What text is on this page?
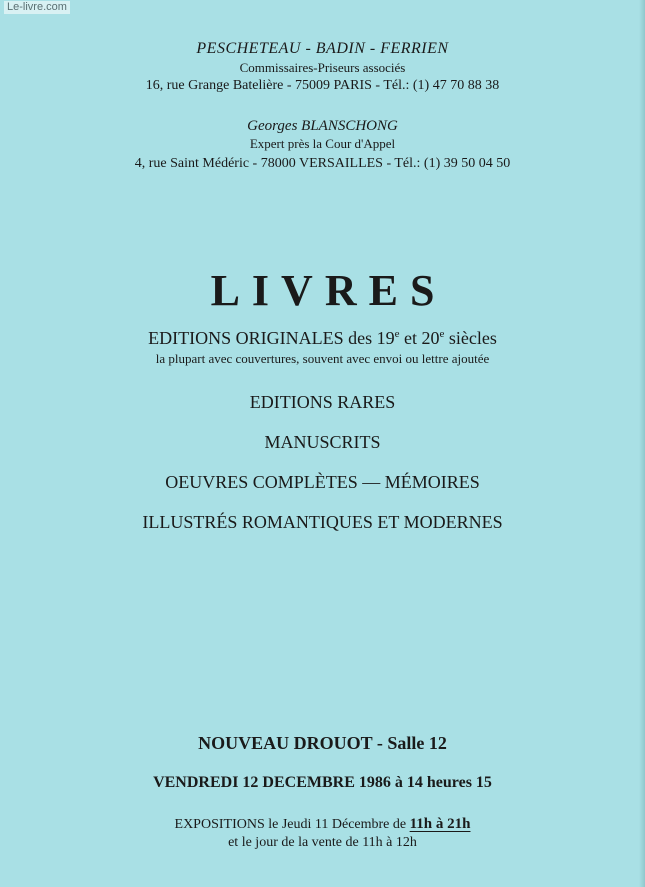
PESCHETEAU - BADIN - FERRIEN
Commissaires-Priseurs associés
16, rue Grange Batelière - 75009 PARIS - Tél.: (1) 47 70 88 38
Georges BLANSCHONG
Expert près la Cour d'Appel
4, rue Saint Médéric - 78000 VERSAILLES - Tél.: (1) 39 50 04 50
LIVRES
EDITIONS ORIGINALES des 19e et 20e siècles
la plupart avec couvertures, souvent avec envoi ou lettre ajoutée
EDITIONS RARES
MANUSCRITS
OEUVRES COMPLÈTES — MÉMOIRES
ILLUSTRÉS ROMANTIQUES ET MODERNES
NOUVEAU DROUOT - Salle 12
VENDREDI 12 DECEMBRE 1986 à 14 heures 15
EXPOSITIONS le Jeudi 11 Décembre de 11h à 21h
et le jour de la vente de 11h à 12h
Le-livre.com
